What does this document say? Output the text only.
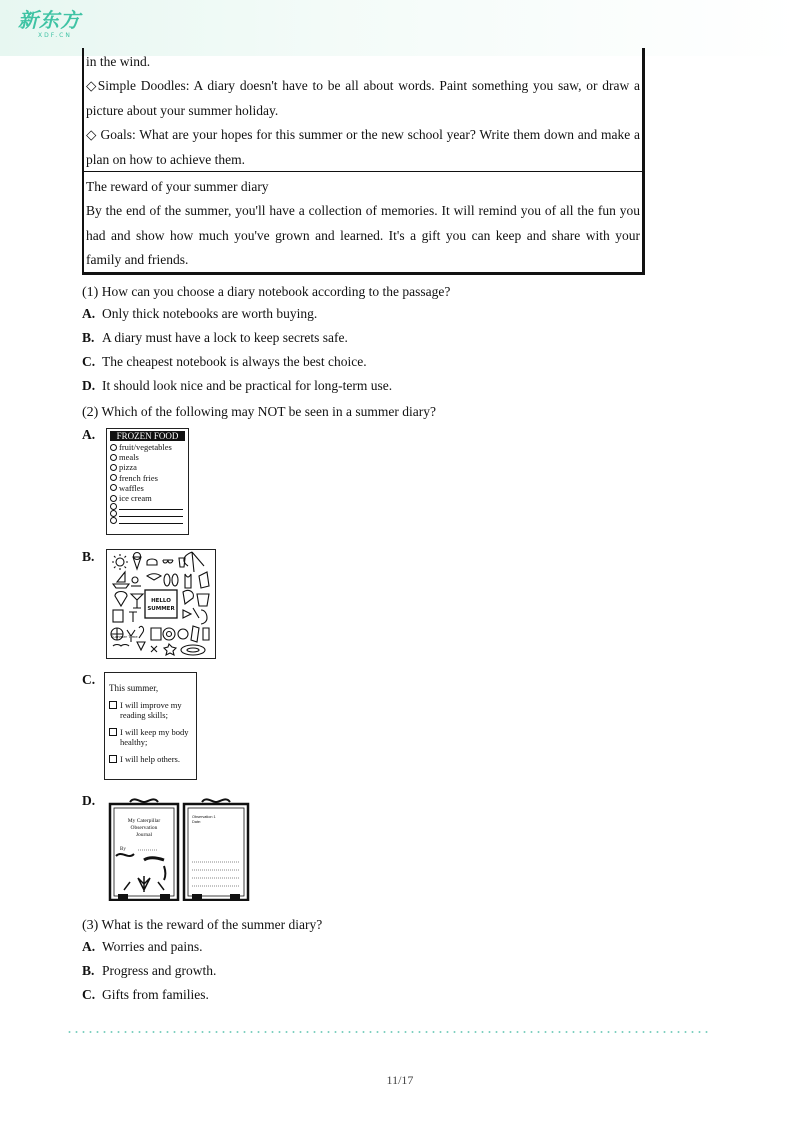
新东方
XDF.CN

in the wind.

◇Simple Doodles: A diary doesn't have to be all about words. Paint something you saw, or draw a picture about your summer holiday.

◇ Goals: What are your hopes for this summer or the new school year? Write them down and make a plan on how to achieve them.

The reward of your summer diary

By the end of the summer, you'll have a collection of memories. It will remind you of all the fun you had and show how much you've grown and learned. It's a gift you can keep and share with your family and friends.

(1) How can you choose a diary notebook according to the passage?
A. Only thick notebooks are worth buying.
B. A diary must have a lock to keep secrets safe.
C. The cheapest notebook is always the best choice.
D. It should look nice and be practical for long-term use.
(2) Which of the following may NOT be seen in a summer diary?
A.	FROZEN FOOD
fruit/vegetables
meals
pizza
french fries
waffles
ice cream
B.
HELLO
SUMMER
Summer Time
C.
This summer,
I will improve my reading skills;
I will keep my body healthy;
I will help others.
D.
My Caterpillar
Observation
Journal
By
Observation 1
Date:
(3) What is the reward of the summer diary?
A. Worries and pains.
B. Progress and growth.
C. Gifts from families.
11/17
